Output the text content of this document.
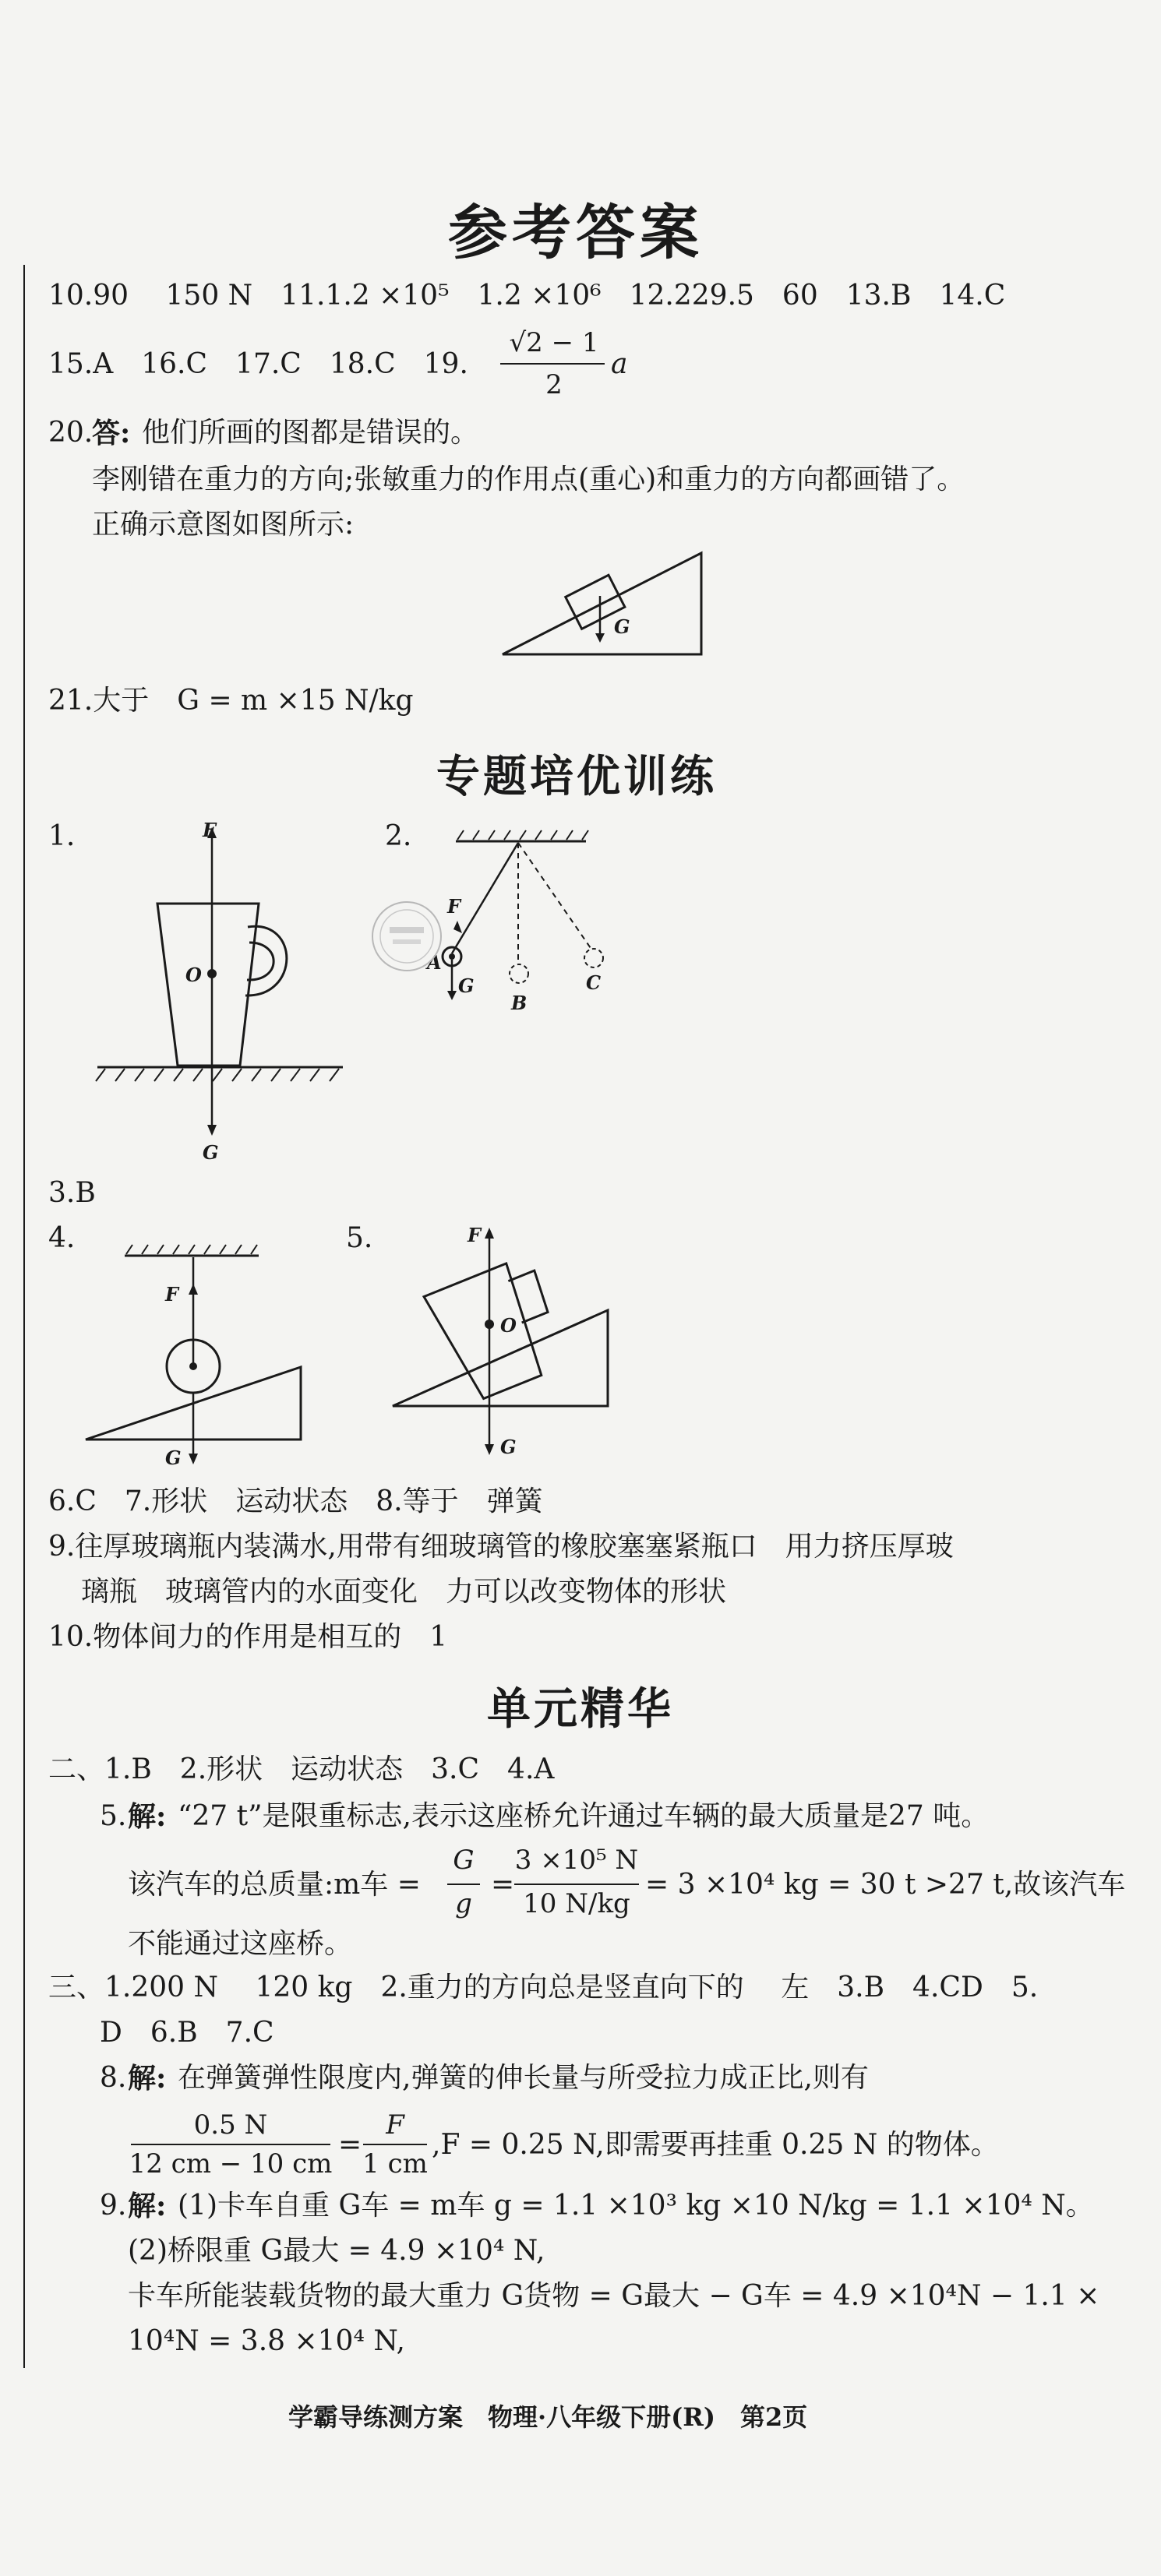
参考答案
10.90　 150 N　11.1.2 ×10⁵　1.2 ×10⁶　12.229.5　60　13.B　14.C
15.A　16.C　17.C　18.C　19.
√2 − 1
2
a
20.
答: 他们所画的图都是错误的。
李刚错在重力的方向;张敏重力的作用点(重心)和重力的方向都画错了。
正确示意图如图所示:
G
21.大于　G = m ×15 N/kg
专题培优训练
1.	F
O
G
2.
F
A
G
B
C
3.B
4.
F
G
5.	F
O
G
6.C　7.形状　运动状态　8.等于　弹簧
9.往厚玻璃瓶内装满水,用带有细玻璃管的橡胶塞塞紧瓶口　用力挤压厚玻
璃瓶　玻璃管内的水面变化　力可以改变物体的形状
10.物体间力的作用是相互的　1
单元精华
二、1.B　2.形状　运动状态　3.C　4.A
5. 解: “27 t”是限重标志,表示这座桥允许通过车辆的最大质量是27 吨。
该汽车的总质量:m车 =
G
g
=
3 ×10⁵ N
10 N/kg
= 3 ×10⁴ kg = 30 t >27 t,故该汽车
不能通过这座桥。
三、1.200 N　 120 kg　2.重力的方向总是竖直向下的　 左　3.B　4.CD　5.
D　6.B　7.C
8. 解: 在弹簧弹性限度内,弹簧的伸长量与所受拉力成正比,则有
0.5 N
12 cm − 10 cm
=
F
1 cm
,F = 0.25 N,即需要再挂重 0.25 N 的物体。
9. 解: (1)卡车自重 G车 = m车 g = 1.1 ×10³ kg ×10 N/kg = 1.1 ×10⁴ N。
(2)桥限重 G最大 = 4.9 ×10⁴ N,
卡车所能装载货物的最大重力 G货物 = G最大 − G车 = 4.9 ×10⁴N − 1.1 ×
10⁴N = 3.8 ×10⁴ N,
学霸导练测方案　物理·八年级下册(R)　第2页
